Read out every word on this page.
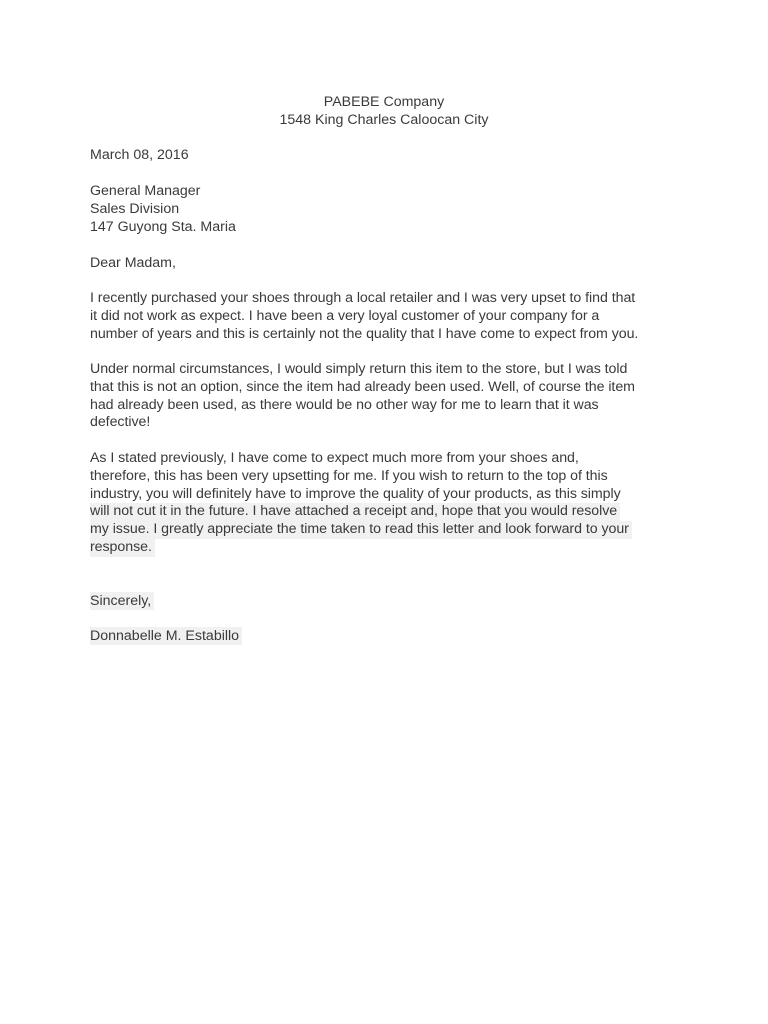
PABEBE Company
1548 King Charles Caloocan City
March 08, 2016
General Manager
Sales Division
147 Guyong Sta. Maria
Dear Madam,
I recently purchased your shoes through a local retailer and I was very upset to find that
it did not work as expect. I have been a very loyal customer of your company for a
number of years and this is certainly not the quality that I have come to expect from you.
Under normal circumstances, I would simply return this item to the store, but I was told
that this is not an option, since the item had already been used. Well, of course the item
had already been used, as there would be no other way for me to learn that it was
defective!
As I stated previously, I have come to expect much more from your shoes and,
therefore, this has been very upsetting for me. If you wish to return to the top of this
industry, you will definitely have to improve the quality of your products, as this simply
will not cut it in the future. I have attached a receipt and, hope that you would resolve
my issue. I greatly appreciate the time taken to read this letter and look forward to your
response.
Sincerely,
Donnabelle M. Estabillo
